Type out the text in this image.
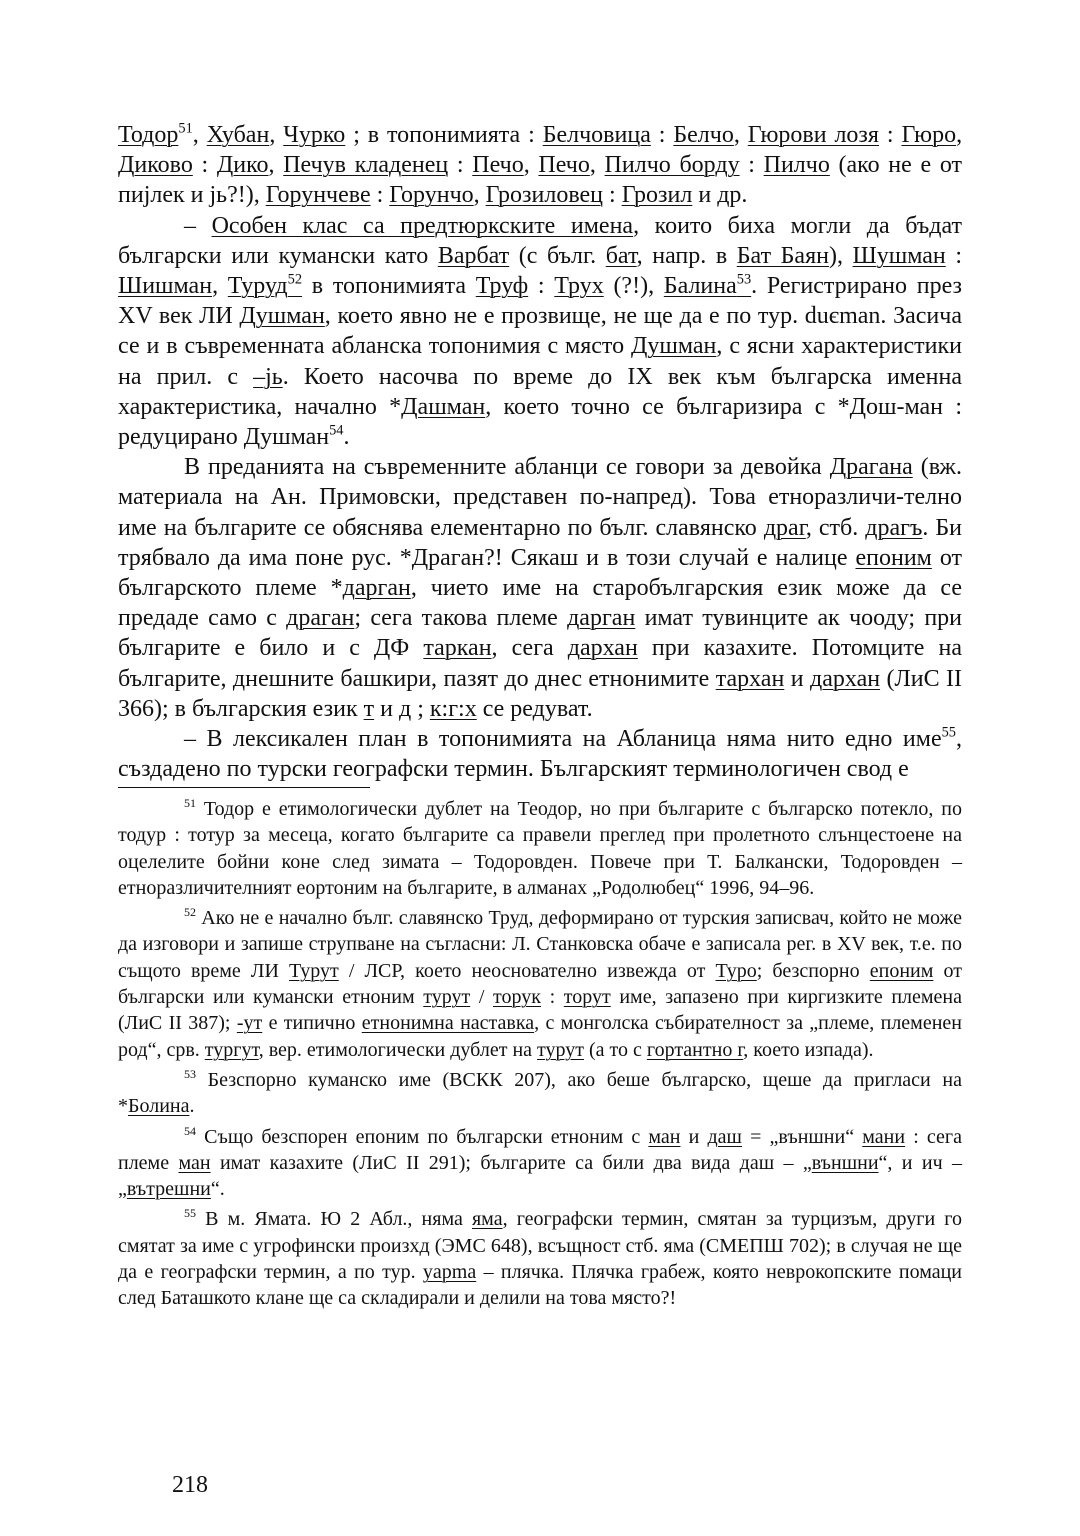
Тодор$^{51}$, Хубан, Чурко ; в топонимията : Белчовица : Белчо, Гюрови лозя : Гюро, Диково : Дико, Печув кладенец : Печо, Печо, Пилчо борду : Пилчо (ако не е от пијлек и јь?!), Горунчеве : Горунчо, Грозиловец : Грозил и др.

– Особен клас са предтюркските имена, които биха могли да бъдат български или кумански като Варбат (с бълг. бат, напр. в Бат Баян), Шушман : Шишман, Туруд$^{52}$ в топонимията Труф : Трух (?!), Балина$^{53}$. Регистрирано през XV век ЛИ Душман, което явно не е прозвище, не ще да е по тур. duєman. Засича се и в съвременната абланска топонимия с място Душман, с ясни характеристики на прил. с –јь. Което насочва по време до IX век към българска именна характеристика, начално *Дашман, което точно се българизира с *Дош-ман : редуцирано Душман$^{54}$.

В преданията на съвременните абланци се говори за девойка Драгана (вж. материала на Ан. Примовски, представен по-напред). Това етноразличи-телно име на българите се обяснява елементарно по бълг. славянско драг, стб. драгъ. Би трябвало да има поне рус. *Драган?! Сякаш и в този случай е налице епоним от българското племе *дарган, чието име на старобългарския език може да се предаде само с драган; сега такова племе дарган имат тувинците ак чооду; при българите е било и с ДФ таркан, сега дархан при казахите. Потомците на българите, днешните башкири, пазят до днес етнонимите тархан и дархан (ЛиС II 366); в българския език т и д ; к:г:х се редуват.

– В лексикален план в топонимията на Абланица няма нито едно име$^{55}$, създадено по турски географски термин. Българският терминологичен свод е

$^{51}$ Тодор е етимологически дублет на Теодор, но при българите с българско потекло, по тодур : тотур за месеца, когато българите са правели преглед при пролетното слънцестоене на оцелелите бойни коне след зимата – Тодоровден. Повече при Т. Балкански, Тодоровден – етноразличителният еортоним на българите, в алманах „Родолюбец“ 1996, 94–96.

$^{52}$ Ако не е начално бълг. славянско Труд, деформирано от турския записвач, който не може да изговори и запише струпване на съгласни: Л. Станковска обаче е записала рег. в XV век, т.е. по същото време ЛИ Турут / ЛСР, което неоснователно извежда от Туро; безспорно епоним от български или кумански етноним турут / торук : торут име, запазено при киргизките племена (ЛиС II 387); -ут е типично етнонимна наставка, с монголска събирателност за „племе, племенен род“, срв. тургут, вер. етимологически дублет на турут (а то с гортантно г, което изпада).

$^{53}$ Безспорно куманско име (ВСКК 207), ако беше българско, щеше да приглаcи на *Болина.

$^{54}$ Също безспорен епоним по български етноним с ман и даш = „външни“ мани : сега племе ман имат казахите (ЛиС II 291); българите са били два вида даш – „външни“, и ич – „вътрешни“.

$^{55}$ В м. Ямата. Ю 2 Абл., няма яма, географски термин, смятан за турцизъм, други го смятат за име с угрофински произхд (ЭМС 648), всъщност стб. яма (СМЕПШ 702); в случая не ще да е географски термин, а по тур. yapma – плячка. Плячка грабеж, която неврокопските помаци след Баташкото клане ще са складирали и делили на това място?!

218
